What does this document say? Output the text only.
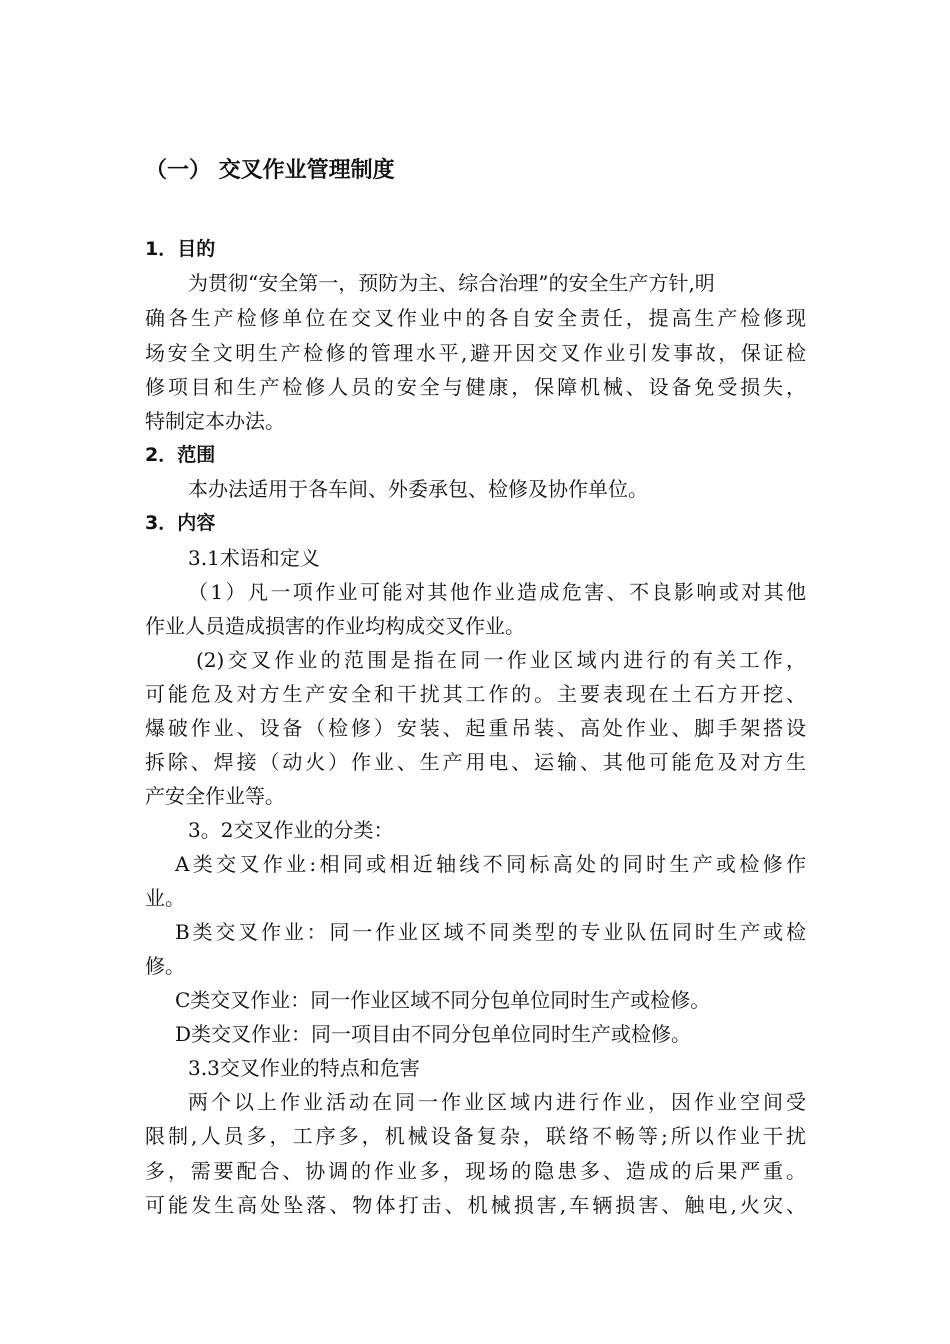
（一） 交叉作业管理制度
1．目的
为贯彻“安全第一，预防为主、综合治理”的安全生产方针,明
确各生产检修单位在交叉作业中的各自安全责任，提高生产检修现
场安全文明生产检修的管理水平,避开因交叉作业引发事故，保证检
修项目和生产检修人员的安全与健康，保障机械、设备免受损失，
特制定本办法。
2．范围
本办法适用于各车间、外委承包、检修及协作单位。
3．内容
3.1术语和定义
（1）凡一项作业可能对其他作业造成危害、不良影响或对其他
作业人员造成损害的作业均构成交叉作业。
(2)交叉作业的范围是指在同一作业区域内进行的有关工作，
可能危及对方生产安全和干扰其工作的。主要表现在土石方开挖、
爆破作业、设备（检修）安装、起重吊装、高处作业、脚手架搭设
拆除、焊接（动火）作业、生产用电、运输、其他可能危及对方生
产安全作业等。
3。2交叉作业的分类：
A类交叉作业:相同或相近轴线不同标高处的同时生产或检修作
业。
B类交叉作业：同一作业区域不同类型的专业队伍同时生产或检
修。
C类交叉作业：同一作业区域不同分包单位同时生产或检修。
D类交叉作业：同一项目由不同分包单位同时生产或检修。
3.3交叉作业的特点和危害
两个以上作业活动在同一作业区域内进行作业，因作业空间受
限制,人员多，工序多，机械设备复杂，联络不畅等;所以作业干扰
多，需要配合、协调的作业多，现场的隐患多、造成的后果严重。
可能发生高处坠落、物体打击、机械损害,车辆损害、触电,火灾、
